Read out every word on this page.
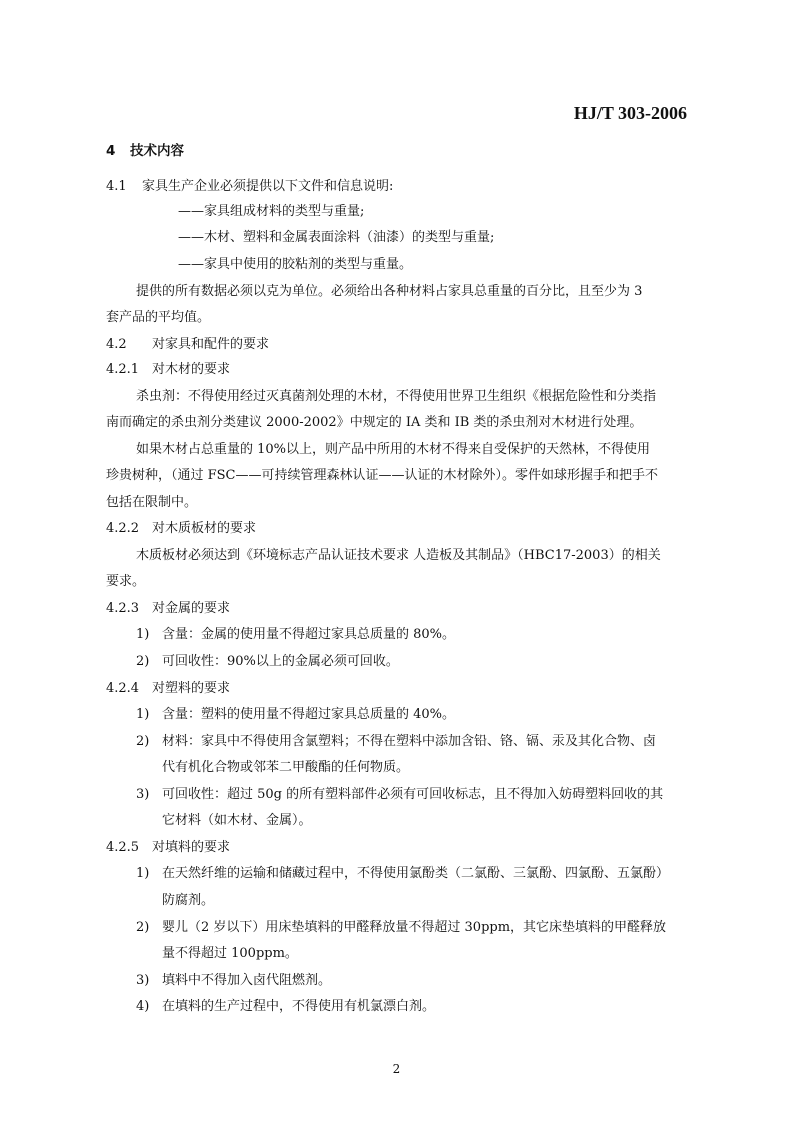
HJ/T 303-2006
4 技术内容
4.1 家具生产企业必须提供以下文件和信息说明:
——家具组成材料的类型与重量;
——木材、塑料和金属表面涂料（油漆）的类型与重量;
——家具中使用的胶粘剂的类型与重量。
提供的所有数据必须以克为单位。必须给出各种材料占家具总重量的百分比，且至少为 3
套产品的平均值。
4.2 对家具和配件的要求
4.2.1 对木材的要求
杀虫剂：不得使用经过灭真菌剂处理的木材，不得使用世界卫生组织《根据危险性和分类指
南而确定的杀虫剂分类建议 2000-2002》中规定的 IA 类和 IB 类的杀虫剂对木材进行处理。
如果木材占总重量的 10%以上，则产品中所用的木材不得来自受保护的天然林，不得使用
珍贵树种，（通过 FSC——可持续管理森林认证——认证的木材除外）。零件如球形握手和把手不
包括在限制中。
4.2.2 对木质板材的要求
木质板材必须达到《环境标志产品认证技术要求 人造板及其制品》（HBC17-2003）的相关
要求。
4.2.3 对金属的要求
1) 含量：金属的使用量不得超过家具总质量的 80%。
2) 可回收性：90%以上的金属必须可回收。
4.2.4 对塑料的要求
1) 含量：塑料的使用量不得超过家具总质量的 40%。
2) 材料：家具中不得使用含氯塑料；不得在塑料中添加含铅、铬、镉、汞及其化合物、卤
代有机化合物或邻苯二甲酸酯的任何物质。
3) 可回收性：超过 50g 的所有塑料部件必须有可回收标志，且不得加入妨碍塑料回收的其
它材料（如木材、金属）。
4.2.5 对填料的要求
1) 在天然纤维的运输和储藏过程中，不得使用氯酚类（二氯酚、三氯酚、四氯酚、五氯酚）
防腐剂。
2) 婴儿（2 岁以下）用床垫填料的甲醛释放量不得超过 30ppm，其它床垫填料的甲醛释放
量不得超过 100ppm。
3) 填料中不得加入卤代阻燃剂。
4) 在填料的生产过程中，不得使用有机氯漂白剂。
2
